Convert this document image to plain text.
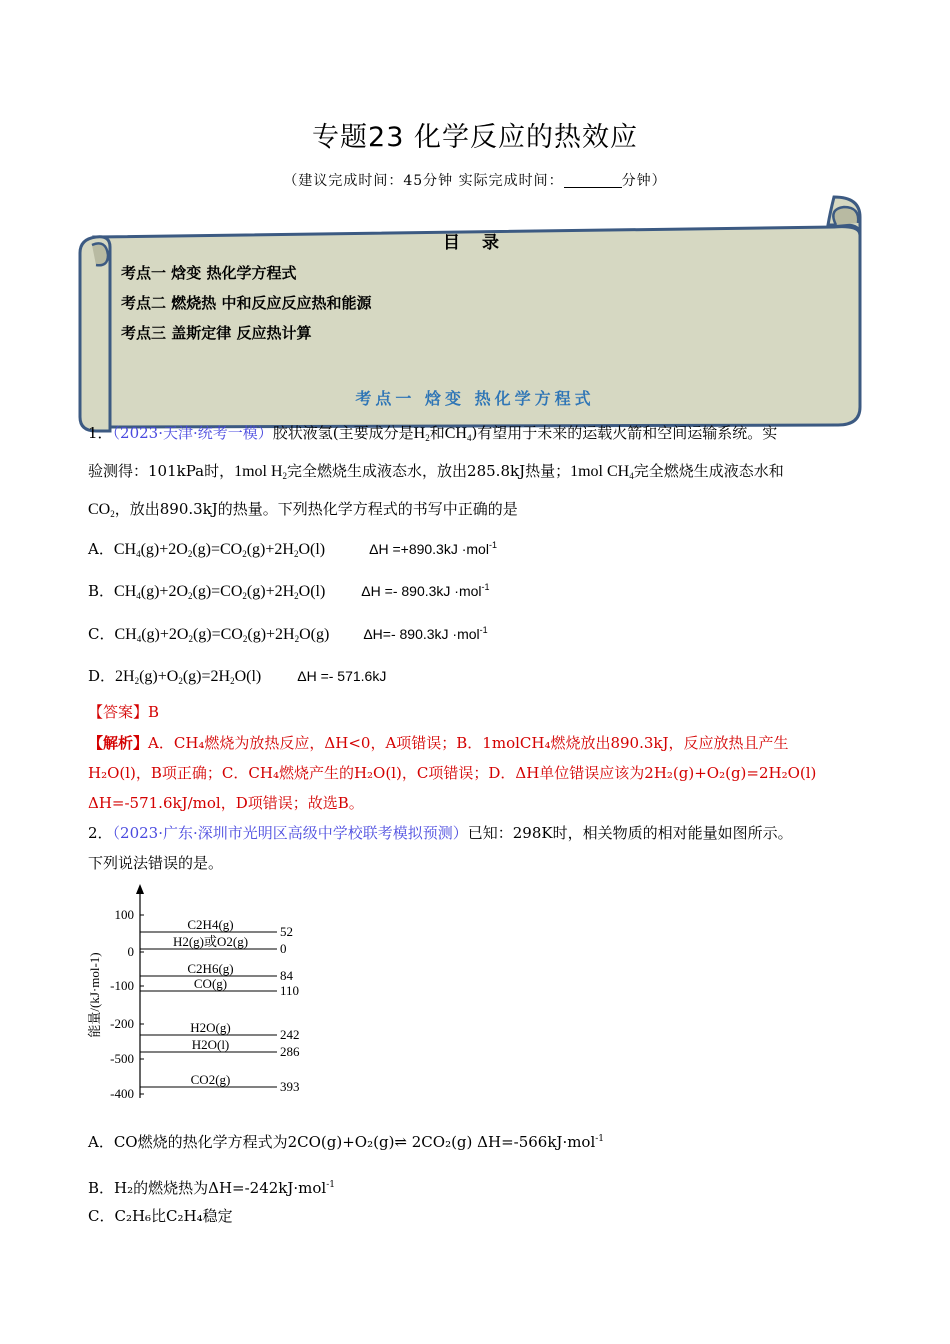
专题23 化学反应的热效应
（建议完成时间：45分钟 实际完成时间：	分钟）
目 录
考点一 焓变 热化学方程式
考点二 燃烧热 中和反应反应热和能源
考点三 盖斯定律 反应热计算
考点一 焓变 热化学方程式
1．（2023·天津·统考一模）胶状液氢(主要成分是$H_2$和$CH_4$)有望用于未来的运载火箭和空间运输系统。实
验测得：101kPa时，1mol $H_2$完全燃烧生成液态水，放出285.8kJ热量；1mol $CH_4$完全燃烧生成液态水和
$CO_2$，放出890.3kJ的热量。下列热化学方程式的书写中正确的是
A．$CH_4(g)+2O_2(g)=CO_2(g)+2H_2O(l)$	ΔH =+890.3kJ ·mol$^{-1}$
B．$CH_4(g)+2O_2(g)=CO_2(g)+2H_2O(l)$	ΔH =- 890.3kJ ·mol$^{-1}$
C．$CH_4(g)+2O_2(g)=CO_2(g)+2H_2O(g)$ ΔH=- 890.3kJ ·mol$^{-1}$
D．$2H_2(g)+O_2(g)=2H_2O(l)$	ΔH =- 571.6kJ
【答案】B
【解析】A．CH₄燃烧为放热反应，ΔH<0，A项错误；B．1molCH₄燃烧放出890.3kJ，反应放热且产生
H₂O(l)，B项正确；C．CH₄燃烧产生的H₂O(l)，C项错误；D．ΔH单位错误应该为2H₂(g)+O₂(g)=2H₂O(l)
ΔH=-571.6kJ/mol，D项错误；故选B。
2．（2023·广东·深圳市光明区高级中学校联考模拟预测）已知：298K时，相关物质的相对能量如图所示。
下列说法错误的是。
能量/(kJ·mol-1)
100
0
-100
-200
-500
-400
C2H4(g)	52
H2(g)或O2(g) 0
C2H6(g)	84
CO(g)	110
H2O(g)	242
H2O(l)	286
CO2(g)	393
A．CO燃烧的热化学方程式为2CO(g)+O₂(g)⇌ 2CO₂(g) ΔH=-566kJ·mol$^{-1}$
B．H₂的燃烧热为ΔH=-242kJ·mol$^{-1}$
C．C₂H₆比C₂H₄稳定
